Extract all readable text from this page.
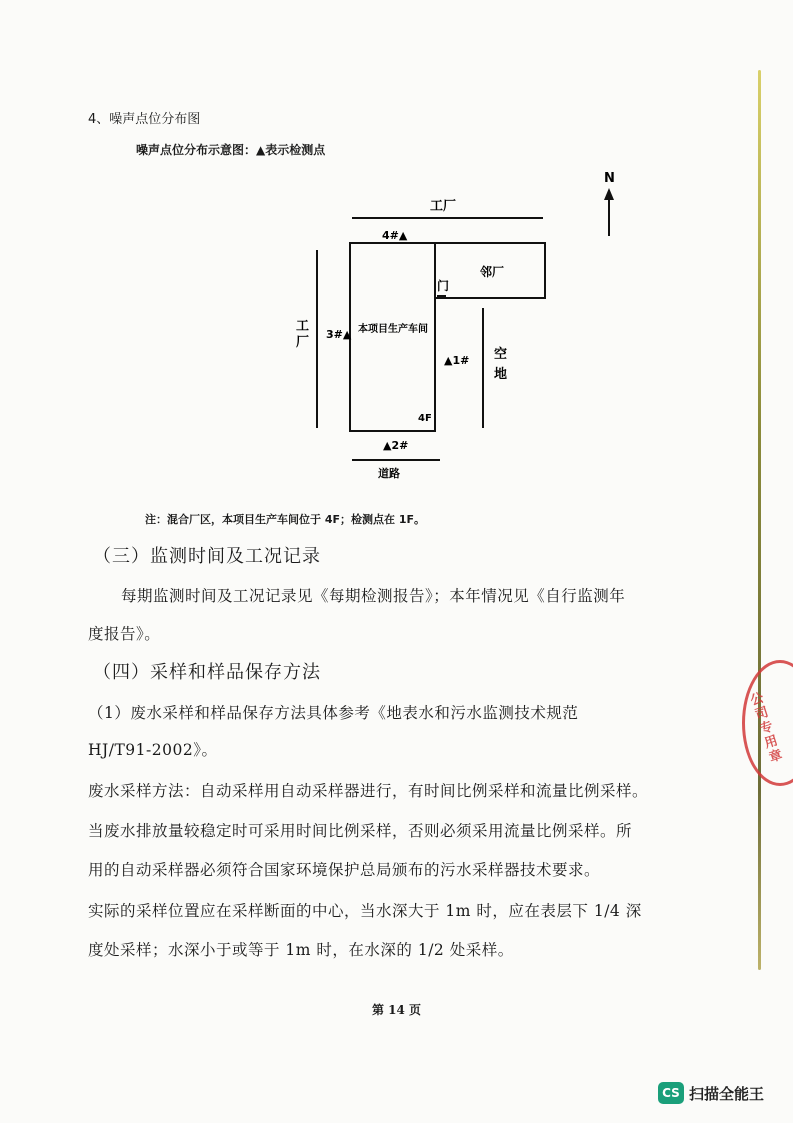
公司专用章
4、噪声点位分布图
噪声点位分布示意图：▲表示检测点
N
工厂
4#▲
工
厂
本项目生产车间
4F
3#▲
门
邻厂
▲1# 空
地
▲2#
道路
注：混合厂区，本项目生产车间位于 4F；检测点在 1F。
（三）监测时间及工况记录
每期监测时间及工况记录见《每期检测报告》；本年情况见《自行监测年
度报告》。
（四）采样和样品保存方法
（1）废水采样和样品保存方法具体参考《地表水和污水监测技术规范
HJ/T91-2002》。
废水采样方法：自动采样用自动采样器进行，有时间比例采样和流量比例采样。
当废水排放量较稳定时可采用时间比例采样，否则必须采用流量比例采样。所
用的自动采样器必须符合国家环境保护总局颁布的污水采样器技术要求。
实际的采样位置应在采样断面的中心，当水深大于 1m 时，应在表层下 1/4 深
度处采样；水深小于或等于 1m 时，在水深的 1/2 处采样。
第 14 页
CS 扫描全能王
